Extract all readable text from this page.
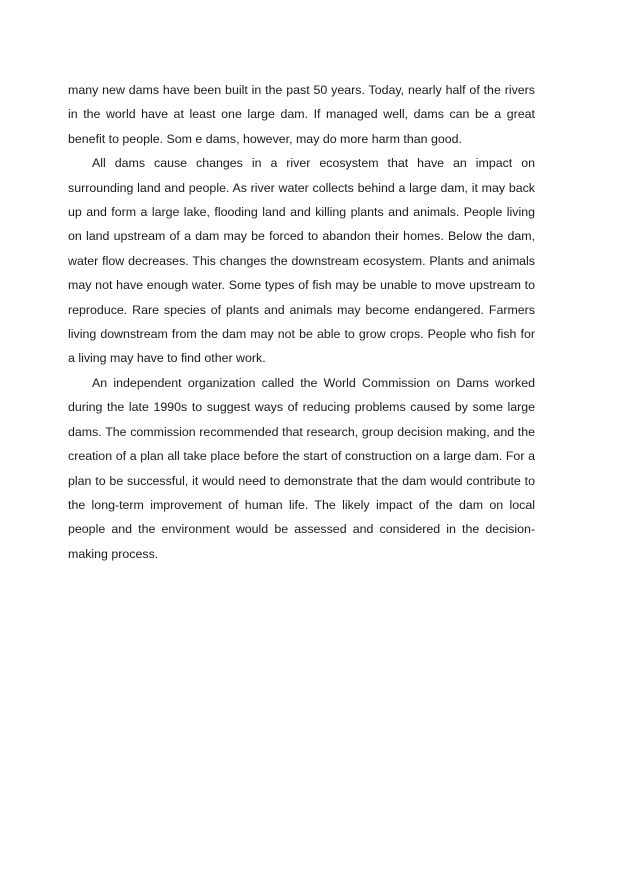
many new dams have been built in the past 50 years. Today, nearly half of the rivers in the world have at least one large dam. If managed well, dams can be a great benefit to people. Som e dams, however, may do more harm than good.

All dams cause changes in a river ecosystem that have an impact on surrounding land and people. As river water collects behind a large dam, it may back up and form a large lake, flooding land and killing plants and animals. People living on land upstream of a dam may be forced to abandon their homes. Below the dam, water flow decreases. This changes the downstream ecosystem. Plants and animals may not have enough water. Some types of fish may be unable to move upstream to reproduce. Rare species of plants and animals may become endangered. Farmers living downstream from the dam may not be able to grow crops. People who fish for a living may have to find other work.

An independent organization called the World Commission on Dams worked during the late 1990s to suggest ways of reducing problems caused by some large dams. The commission recommended that research, group decision making, and the creation of a plan all take place before the start of construction on a large dam. For a plan to be successful, it would need to demonstrate that the dam would contribute to the long-term improvement of human life. The likely impact of the dam on local people and the environment would be assessed and considered in the decision-making process.
